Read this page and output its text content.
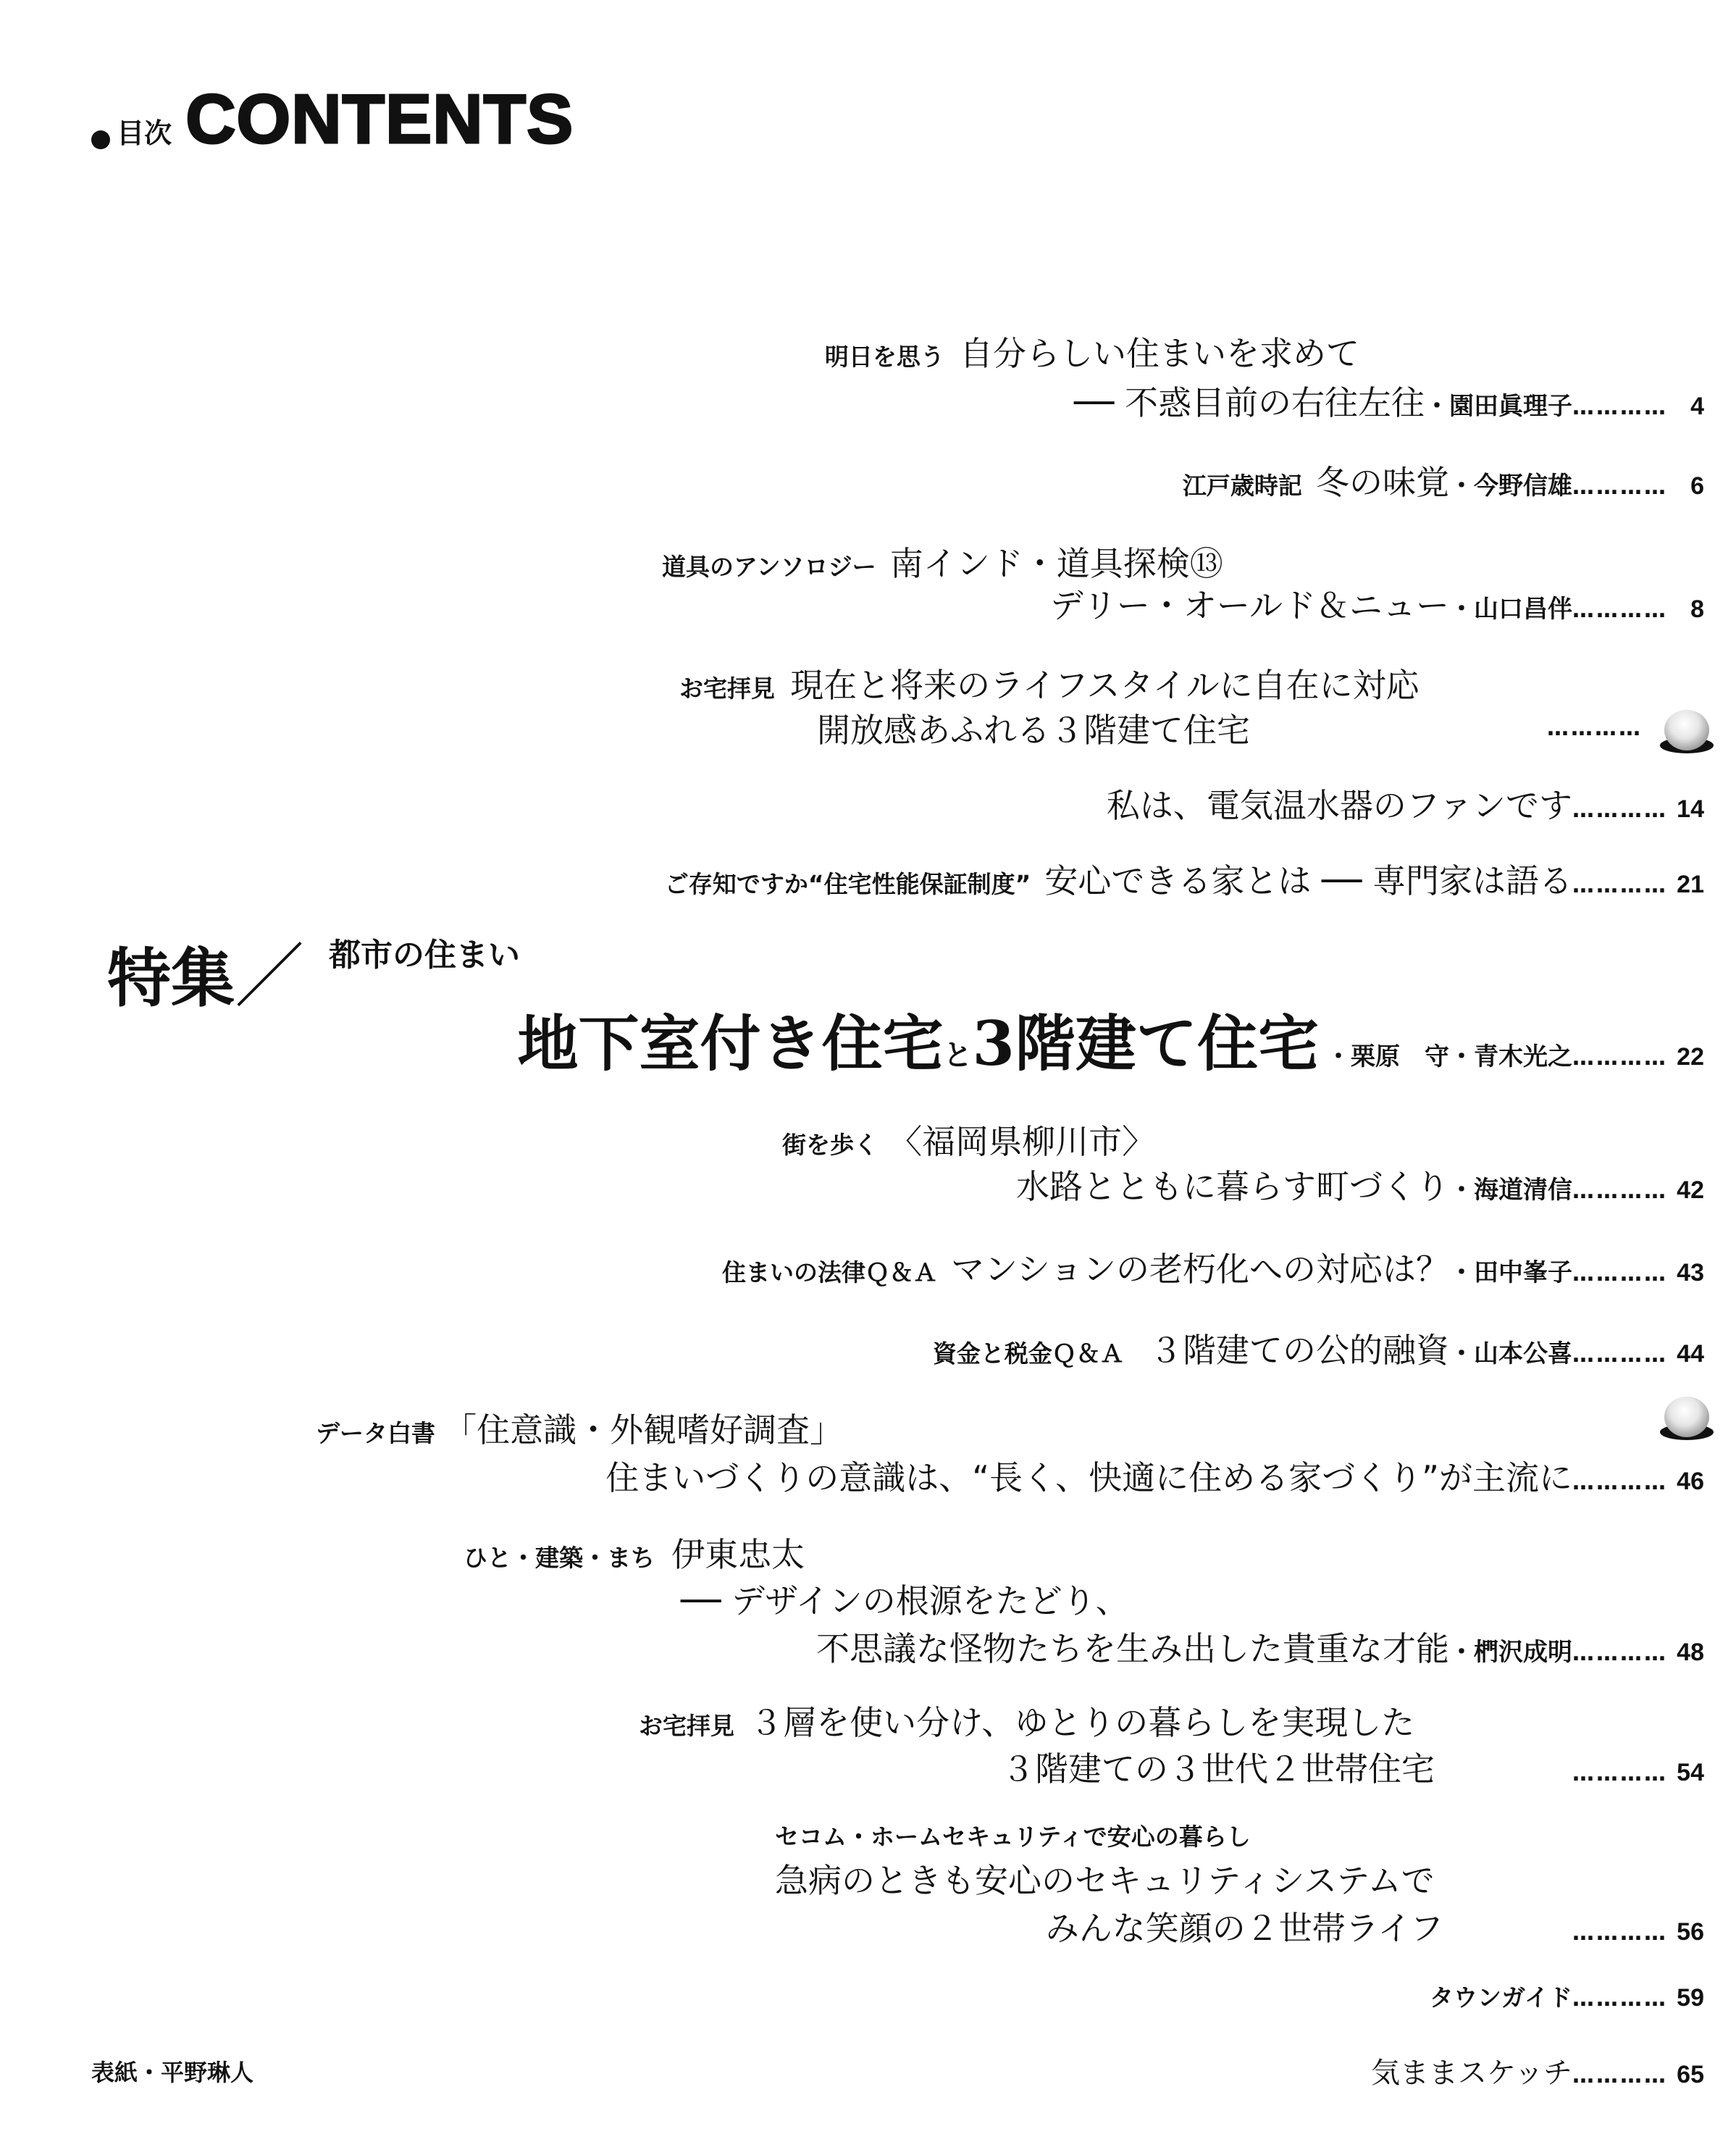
目次 CONTENTS
明日を思う 自分らしい住まいを求めて
── 不惑目前の右往左往・園田眞理子………… 4
江戸歳時記 冬の味覚・今野信雄………… 6
道具のアンソロジー 南インド・道具探検⑬
デリー・オールド＆ニュー・山口昌伴………… 8
お宅拝見 現在と将来のライフスタイルに自在に対応
開放感あふれる３階建て住宅	…………
私は、電気温水器のファンです………… 14
ご存知ですか“住宅性能保証制度” 安心できる家とは ── 専門家は語る………… 21
特集／ 都市の住まい
地下室付き住宅と3階建て住宅 ・栗原　守・青木光之………… 22
街を歩く 〈福岡県柳川市〉
水路とともに暮らす町づくり・海道清信………… 42
住まいの法律Ｑ＆Ａ マンションの老朽化への対応は？・田中峯子………… 43
資金と税金Ｑ＆Ａ ３階建ての公的融資・山本公喜………… 44
データ白書 「住意識・外観嗜好調査」
住まいづくりの意識は、“長く、快適に住める家づくり”が主流に………… 46
ひと・建築・まち 伊東忠太
── デザインの根源をたどり、
不思議な怪物たちを生み出した貴重な才能・椚沢成明………… 48
お宅拝見 ３層を使い分け、ゆとりの暮らしを実現した
３階建ての３世代２世帯住宅	………… 54
セコム・ホームセキュリティで安心の暮らし
急病のときも安心のセキュリティシステムで
みんな笑顔の２世帯ライフ	………… 56
タウンガイド………… 59
気ままスケッチ………… 65
表紙・平野琳人
